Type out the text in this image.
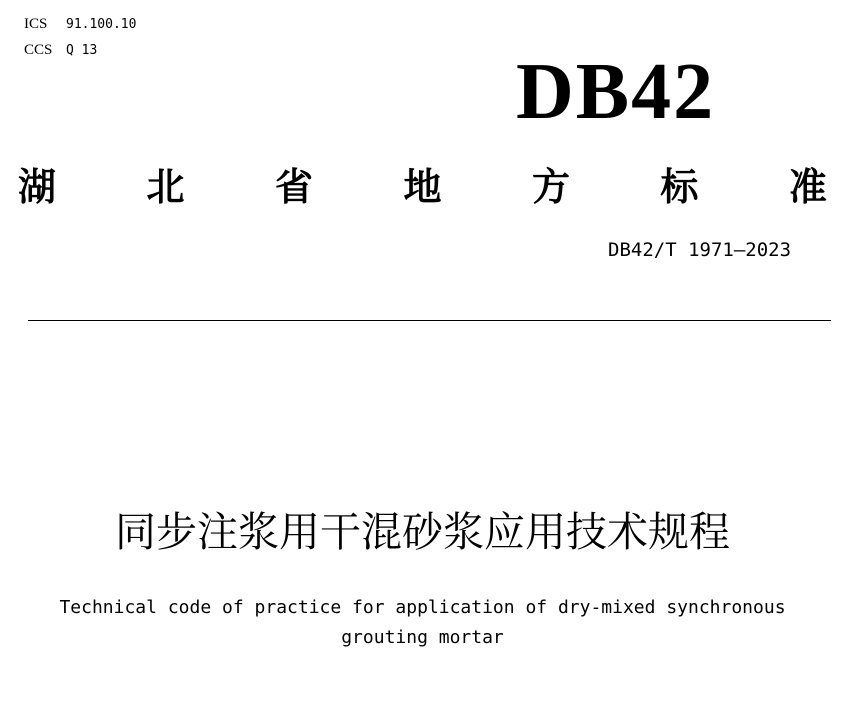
ICS 91.100.10
CCS Q 13	DB42
湖 北 省 地 方 标 准
DB42/T 1971—2023
同步注浆用干混砂浆应用技术规程
Technical code of practice for application of dry-mixed synchronous
grouting mortar
